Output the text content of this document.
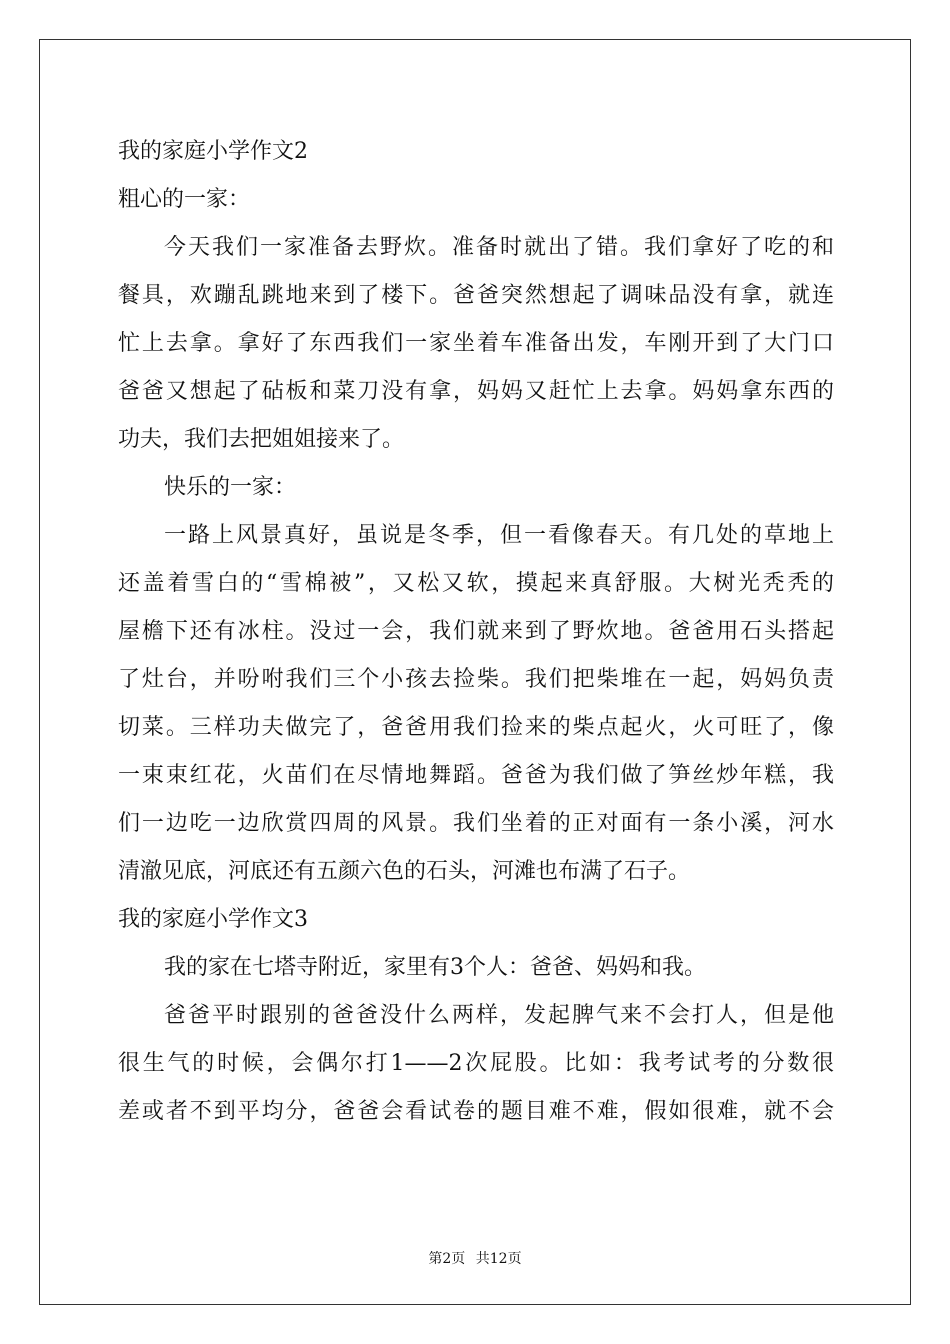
我的家庭小学作文2
粗心的一家：
今天我们一家准备去野炊。准备时就出了错。我们拿好了吃的和
餐具，欢蹦乱跳地来到了楼下。爸爸突然想起了调味品没有拿，就连
忙上去拿。拿好了东西我们一家坐着车准备出发，车刚开到了大门口
爸爸又想起了砧板和菜刀没有拿，妈妈又赶忙上去拿。妈妈拿东西的
功夫，我们去把姐姐接来了。
快乐的一家：
一路上风景真好，虽说是冬季，但一看像春天。有几处的草地上
还盖着雪白的“雪棉被”，又松又软，摸起来真舒服。大树光秃秃的
屋檐下还有冰柱。没过一会，我们就来到了野炊地。爸爸用石头搭起
了灶台，并吩咐我们三个小孩去捡柴。我们把柴堆在一起，妈妈负责
切菜。三样功夫做完了，爸爸用我们捡来的柴点起火，火可旺了，像
一束束红花，火苗们在尽情地舞蹈。爸爸为我们做了笋丝炒年糕，我
们一边吃一边欣赏四周的风景。我们坐着的正对面有一条小溪，河水
清澈见底，河底还有五颜六色的石头，河滩也布满了石子。
我的家庭小学作文3
我的家在七塔寺附近，家里有3个人：爸爸、妈妈和我。
爸爸平时跟别的爸爸没什么两样，发起脾气来不会打人，但是他
很生气的时候，会偶尔打1——2次屁股。比如：我考试考的分数很
差或者不到平均分，爸爸会看试卷的题目难不难，假如很难，就不会
第2页 共12页
